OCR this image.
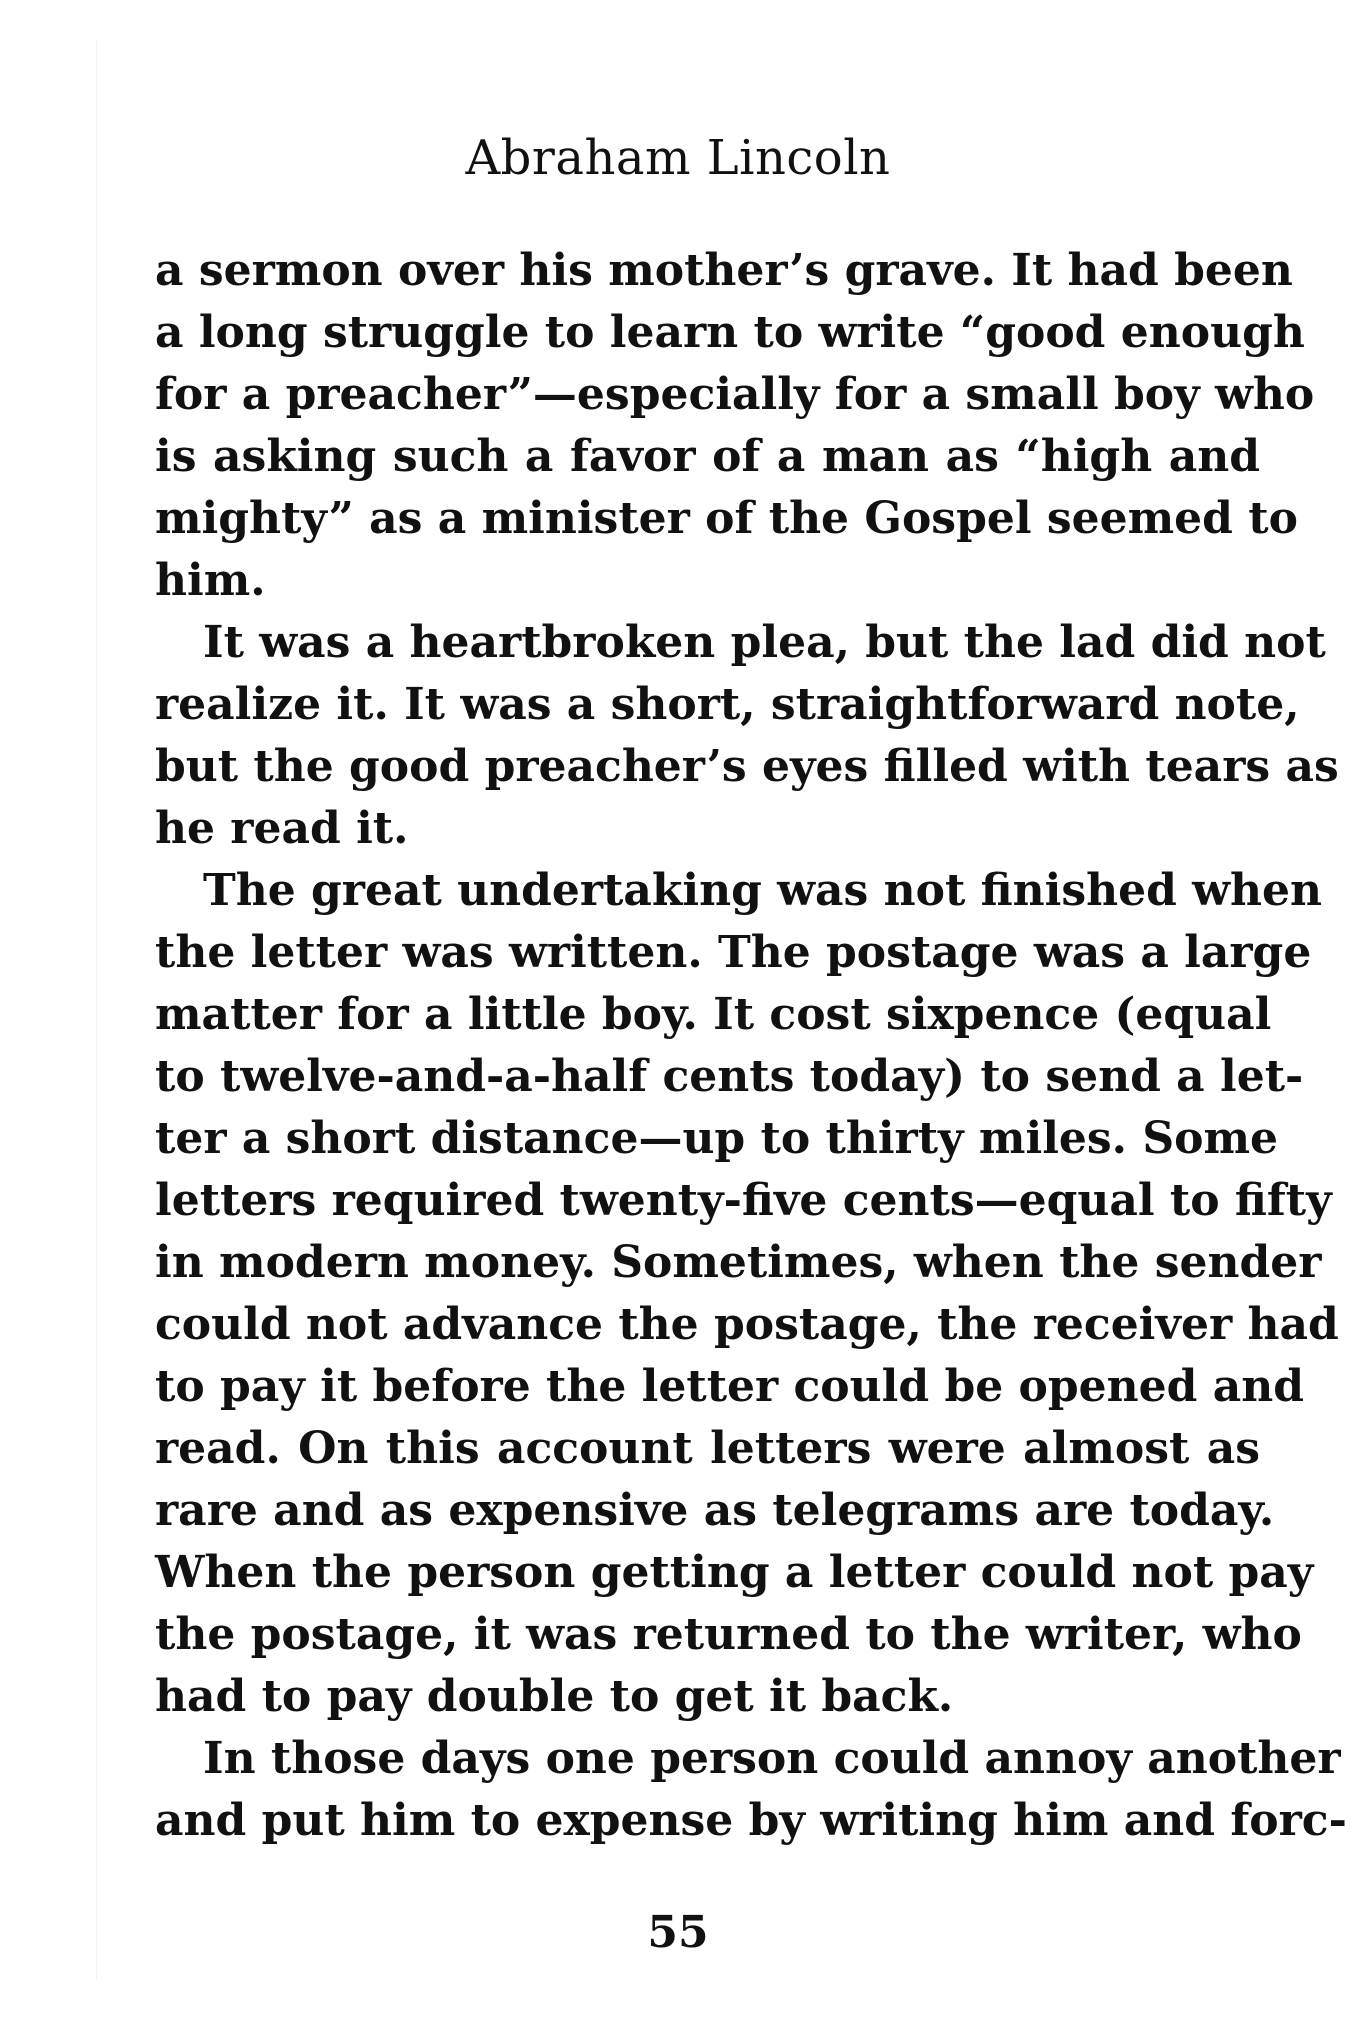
Abraham Lincoln
a sermon over his mother’s grave. It had been
a long struggle to learn to write “good enough
for a preacher”—especially for a small boy who
is asking such a favor of a man as “high and
mighty” as a minister of the Gospel seemed to
him.
It was a heartbroken plea, but the lad did not
realize it. It was a short, straightforward note,
but the good preacher’s eyes filled with tears as
he read it.
The great undertaking was not finished when
the letter was written. The postage was a large
matter for a little boy. It cost sixpence (equal
to twelve-and-a-half cents today) to send a let-
ter a short distance—up to thirty miles. Some
letters required twenty-five cents—equal to fifty
in modern money. Sometimes, when the sender
could not advance the postage, the receiver had
to pay it before the letter could be opened and
read. On this account letters were almost as
rare and as expensive as telegrams are today.
When the person getting a letter could not pay
the postage, it was returned to the writer, who
had to pay double to get it back.
In those days one person could annoy another
and put him to expense by writing him and forc-
55
